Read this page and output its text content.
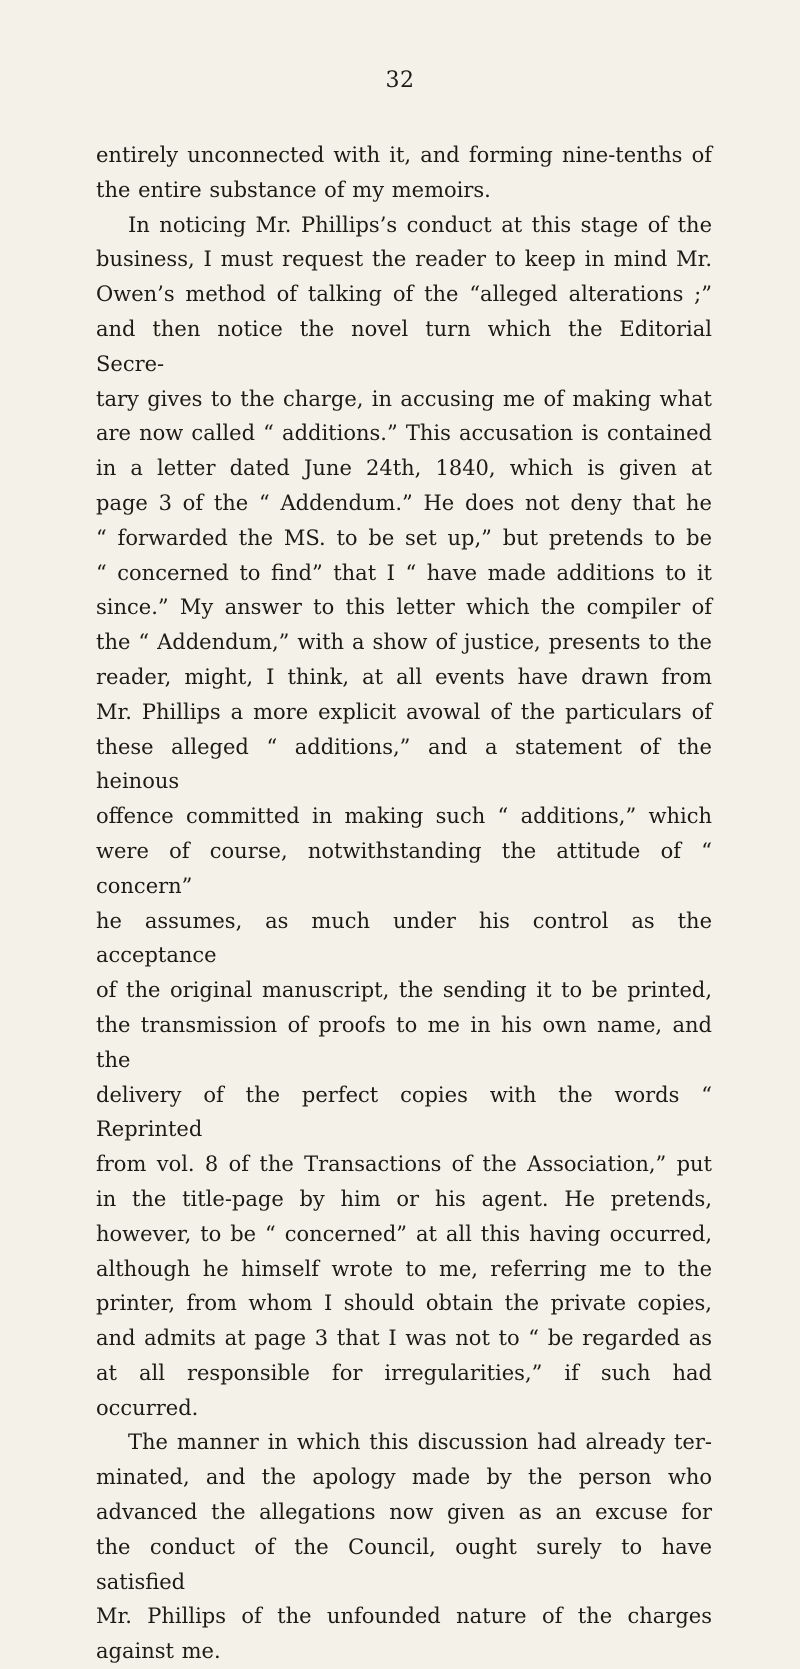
32

entirely unconnected with it, and forming nine-tenths of
the entire substance of my memoirs.

In noticing Mr. Phillips’s conduct at this stage of the
business, I must request the reader to keep in mind Mr.
Owen’s method of talking of the “alleged alterations ;”
and then notice the novel turn which the Editorial Secre-
tary gives to the charge, in accusing me of making what
are now called “ additions.” This accusation is contained
in a letter dated June 24th, 1840, which is given at
page 3 of the “ Addendum.” He does not deny that he
“ forwarded the MS. to be set up,” but pretends to be
“ concerned to find” that I “ have made additions to it
since.” My answer to this letter which the compiler of
the “ Addendum,” with a show of justice, presents to the
reader, might, I think, at all events have drawn from
Mr. Phillips a more explicit avowal of the particulars of
these alleged “ additions,” and a statement of the heinous
offence committed in making such “ additions,” which
were of course, notwithstanding the attitude of “ concern”
he assumes, as much under his control as the acceptance
of the original manuscript, the sending it to be printed,
the transmission of proofs to me in his own name, and the
delivery of the perfect copies with the words “ Reprinted
from vol. 8 of the Transactions of the Association,” put
in the title-page by him or his agent. He pretends,
however, to be “ concerned” at all this having occurred,
although he himself wrote to me, referring me to the
printer, from whom I should obtain the private copies,
and admits at page 3 that I was not to “ be regarded as
at all responsible for irregularities,” if such had occurred.

The manner in which this discussion had already ter-
minated, and the apology made by the person who
advanced the allegations now given as an excuse for
the conduct of the Council, ought surely to have satisfied
Mr. Phillips of the unfounded nature of the charges
against me.
